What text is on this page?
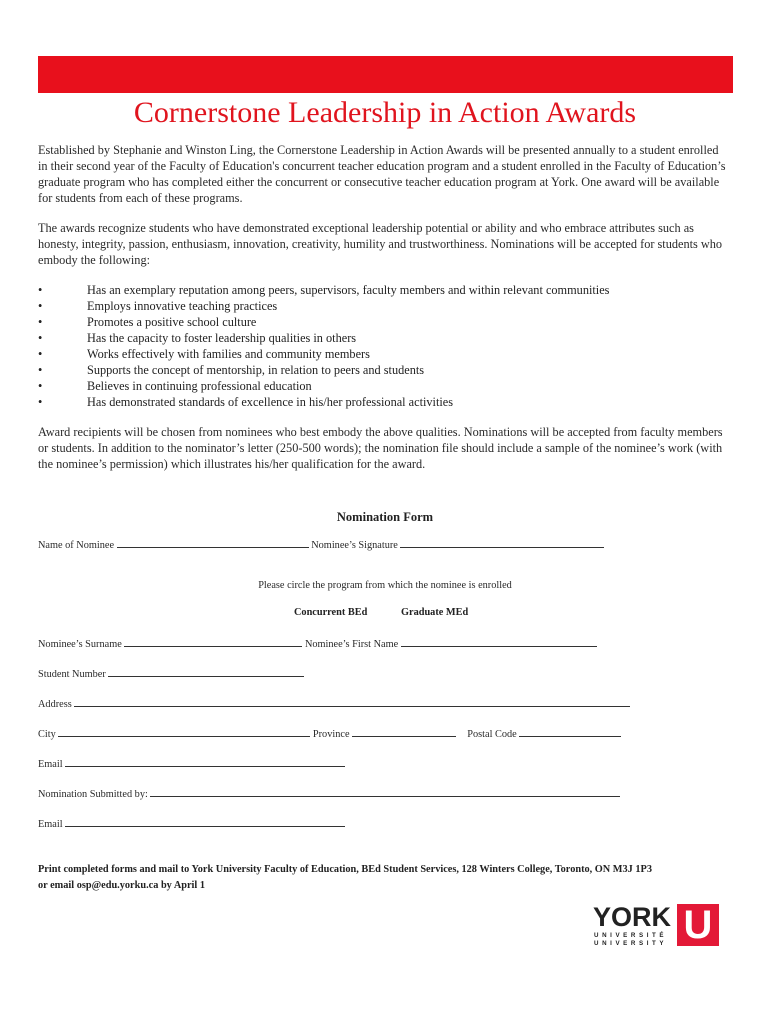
Cornerstone Leadership in Action Awards
Established by Stephanie and Winston Ling, the Cornerstone Leadership in Action Awards will be presented annually to a student enrolled in their second year of the Faculty of Education's concurrent teacher education program and a student enrolled in the Faculty of Education’s graduate program who has completed either the concurrent or consecutive teacher education program at York. One award will be available for students from each of these programs.
The awards recognize students who have demonstrated exceptional leadership potential or ability and who embrace attributes such as honesty, integrity, passion, enthusiasm, innovation, creativity, humility and trustworthiness. Nominations will be accepted for students who embody the following:
•	Has an exemplary reputation among peers, supervisors, faculty members and within relevant communities
•	Employs innovative teaching practices
•	Promotes a positive school culture
•	Has the capacity to foster leadership qualities in others
•	Works effectively with families and community members
•	Supports the concept of mentorship, in relation to peers and students
•	Believes in continuing professional education
•	Has demonstrated standards of excellence in his/her professional activities
Award recipients will be chosen from nominees who best embody the above qualities. Nominations will be accepted from faculty members or students. In addition to the nominator’s letter (250-500 words); the nomination file should include a sample of the nominee’s work (with the nominee’s permission) which illustrates his/her qualification for the award.
Nomination Form
Name of Nominee	Nominee’s Signature
Please circle the program from which the nominee is enrolled
Concurrent BEd	Graduate MEd
Nominee’s Surname	Nominee’s First Name
Student Number
Address
City	Province	Postal Code
Email
Nomination Submitted by:
Email
Print completed forms and mail to York University Faculty of Education, BEd Student Services, 128 Winters College, Toronto, ON M3J 1P3
or email osp@edu.yorku.ca by April 1
YORK
UNIVERSITÉ
UNIVERSITY U
